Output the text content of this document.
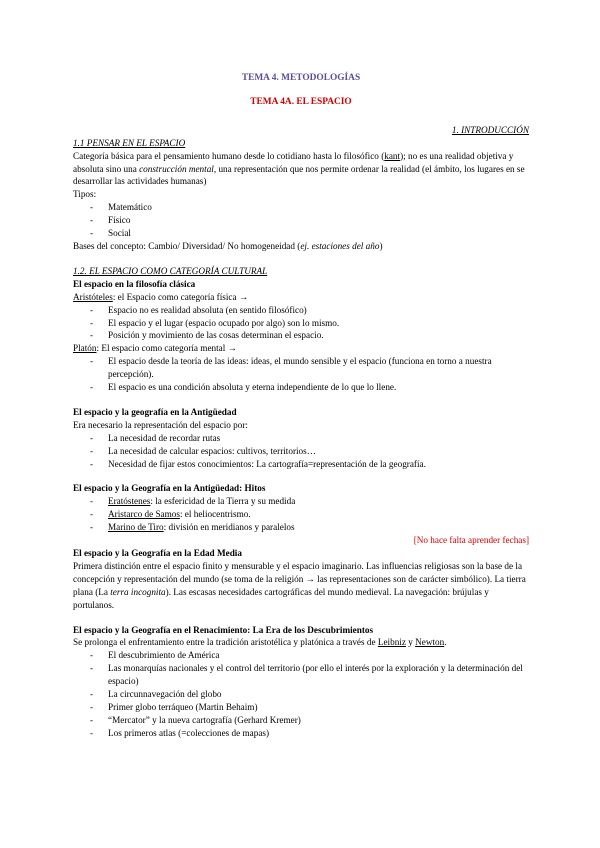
TEMA 4. METODOLOGÍAS
TEMA 4A. EL ESPACIO
1. INTRODUCCIÓN
1.1 PENSAR EN EL ESPACIO

Categoría básica para el pensamiento humano desde lo cotidiano hasta lo filosófico (kant); no es una realidad objetiva y absoluta sino una construcción mental, una representación que nos permite ordenar la realidad (el ámbito, los lugares en se desarrollar las actividades humanas)

Tipos:

- Matemático
- Físico
- Social

Bases del concepto: Cambio/ Diversidad/ No homogeneidad (ej. estaciones del año)

1.2. EL ESPACIO COMO CATEGORÍA CULTURAL
El espacio en la filosofía clásica

Aristóteles: el Espacio como categoría física →

- Espacio no es realidad absoluta (en sentido filosófico)
- El espacio y el lugar (espacio ocupado por algo) son lo mismo.
- Posición y movimiento de las cosas determinan el espacio.

Platón: El espacio como categoría mental →

- El espacio desde la teoría de las ideas: ideas, el mundo sensible y el espacio (funciona en torno a nuestra percepción).
- El espacio es una condición absoluta y eterna independiente de lo que lo llene.
El espacio y la geografía en la Antigüedad

Era necesario la representación del espacio por:

- La necesidad de recordar rutas
- La necesidad de calcular espacios: cultivos, territorios…
- Necesidad de fijar estos conocimientos: La cartografía=representación de la geografía.
El espacio y la Geografía en la Antigüedad: Hitos
- Eratóstenes: la esfericidad de la Tierra y su medida
- Aristarco de Samos: el heliocentrismo.
- Marino de Tiro: división en meridianos y paralelos
[No hace falta aprender fechas]
El espacio y la Geografía en la Edad Media

Primera distinción entre el espacio finito y mensurable y el espacio imaginario. Las influencias religiosas son la base de la concepción y representación del mundo (se toma de la religión → las representaciones son de carácter simbólico). La tierra plana (La terra incognita). Las escasas necesidades cartográficas del mundo medieval. La navegación: brújulas y portulanos.

El espacio y la Geografía en el Renacimiento: La Era de los Descubrimientos

Se prolonga el enfrentamiento entre la tradición aristotélica y platónica a través de Leibniz y Newton.

- El descubrimiento de América
- Las monarquías nacionales y el control del territorio (por ello el interés por la exploración y la determinación del espacio)
- La circunnavegación del globo
- Primer globo terráqueo (Martin Behaim)
- “Mercator” y la nueva cartografía (Gerhard Kremer)
- Los primeros atlas (=colecciones de mapas)
